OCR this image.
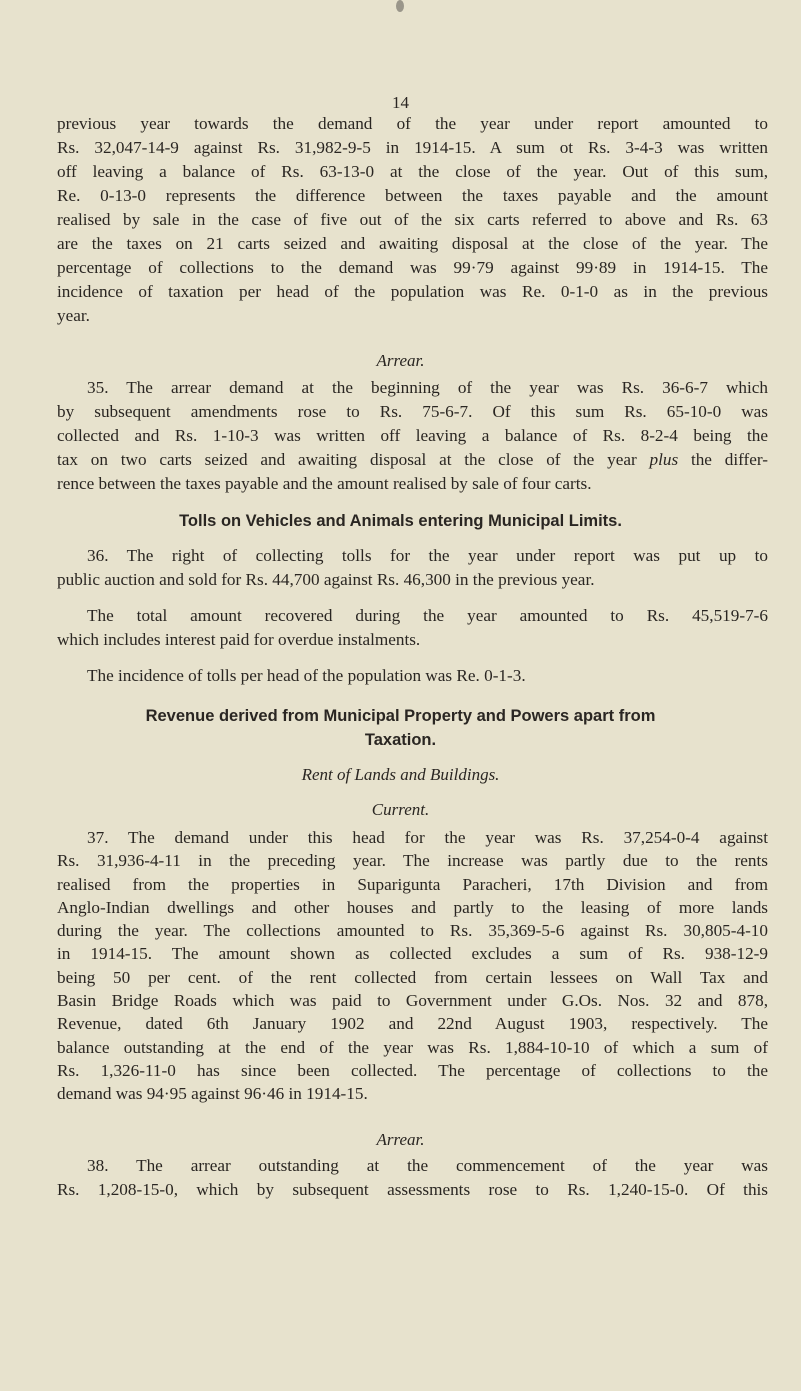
14
previous year towards the demand of the year under report amounted to
Rs. 32,047-14-9 against Rs. 31,982-9-5 in 1914-15. A sum ot Rs. 3-4-3 was written
off leaving a balance of Rs. 63-13-0 at the close of the year. Out of this sum,
Re. 0-13-0 represents the difference between the taxes payable and the amount
realised by sale in the case of five out of the six carts referred to above and Rs. 63
are the taxes on 21 carts seized and awaiting disposal at the close of the year. The
percentage of collections to the demand was 99·79 against 99·89 in 1914-15. The
incidence of taxation per head of the population was Re. 0-1-0 as in the previous
year.
Arrear.
35. The arrear demand at the beginning of the year was Rs. 36-6-7 which
by subsequent amendments rose to Rs. 75-6-7. Of this sum Rs. 65-10-0 was
collected and Rs. 1-10-3 was written off leaving a balance of Rs. 8-2-4 being the
tax on two carts seized and awaiting disposal at the close of the year plus the differ-
rence between the taxes payable and the amount realised by sale of four carts.
Tolls on Vehicles and Animals entering Municipal Limits.
36. The right of collecting tolls for the year under report was put up to
public auction and sold for Rs. 44,700 against Rs. 46,300 in the previous year.
The total amount recovered during the year amounted to Rs. 45,519-7-6
which includes interest paid for overdue instalments.
The incidence of tolls per head of the population was Re. 0-1-3.
Revenue derived from Municipal Property and Powers apart from
Taxation.
Rent of Lands and Buildings.
Current.
37. The demand under this head for the year was Rs. 37,254-0-4 against
Rs. 31,936-4-11 in the preceding year. The increase was partly due to the rents
realised from the properties in Suparigunta Paracheri, 17th Division and from
Anglo-Indian dwellings and other houses and partly to the leasing of more lands
during the year. The collections amounted to Rs. 35,369-5-6 against Rs. 30,805-4-10
in 1914-15. The amount shown as collected excludes a sum of Rs. 938-12-9
being 50 per cent. of the rent collected from certain lessees on Wall Tax and
Basin Bridge Roads which was paid to Government under G.Os. Nos. 32 and 878,
Revenue, dated 6th January 1902 and 22nd August 1903, respectively. The
balance outstanding at the end of the year was Rs. 1,884-10-10 of which a sum of
Rs. 1,326-11-0 has since been collected. The percentage of collections to the
demand was 94·95 against 96·46 in 1914-15.
Arrear.
38. The arrear outstanding at the commencement of the year was
Rs. 1,208-15-0, which by subsequent assessments rose to Rs. 1,240-15-0. Of this
